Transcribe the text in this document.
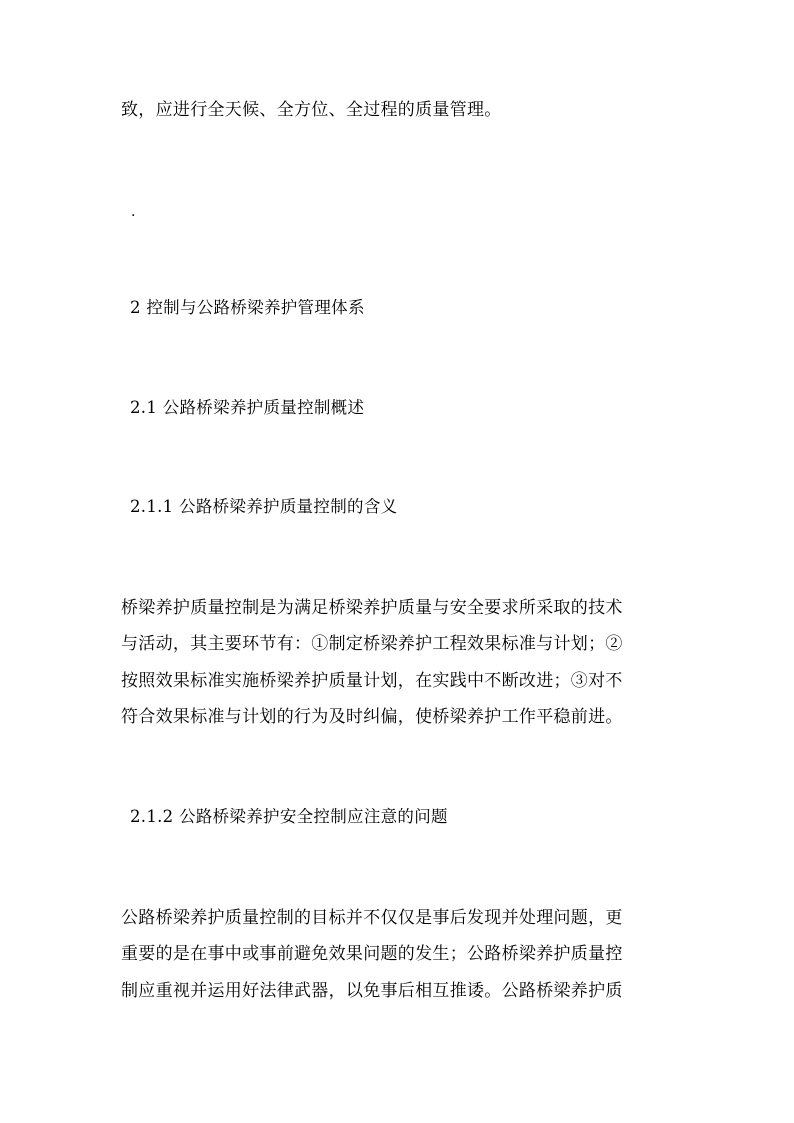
致，应进行全天候、全方位、全过程的质量管理。
.
2 控制与公路桥梁养护管理体系
2.1 公路桥梁养护质量控制概述
2.1.1 公路桥梁养护质量控制的含义
桥梁养护质量控制是为满足桥梁养护质量与安全要求所采取的技术
与活动，其主要环节有：①制定桥梁养护工程效果标准与计划；②
按照效果标准实施桥梁养护质量计划，在实践中不断改进；③对不
符合效果标准与计划的行为及时纠偏，使桥梁养护工作平稳前进。
2.1.2 公路桥梁养护安全控制应注意的问题
公路桥梁养护质量控制的目标并不仅仅是事后发现并处理问题，更
重要的是在事中或事前避免效果问题的发生；公路桥梁养护质量控
制应重视并运用好法律武器，以免事后相互推诿。公路桥梁养护质
